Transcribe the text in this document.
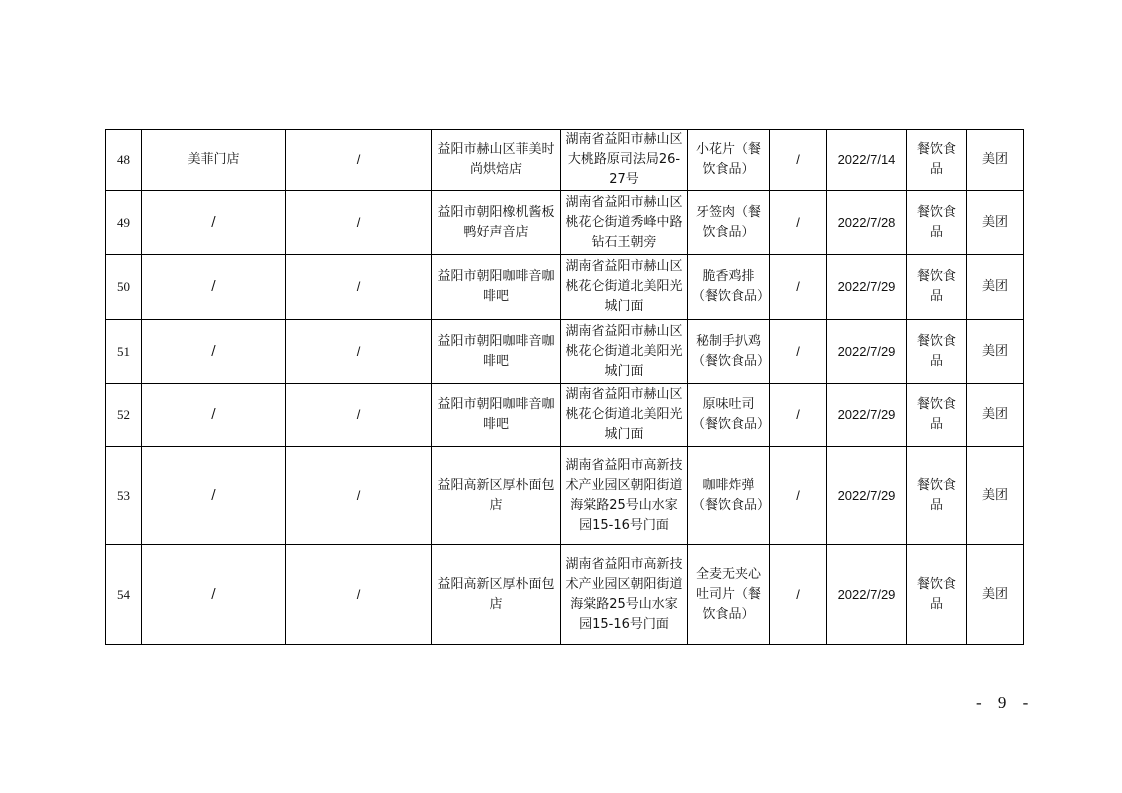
48	美菲门店	/	益阳市赫山区菲美时尚烘焙店	湖南省益阳市赫山区大桃路原司法局26-27号	小花片（餐饮食品）	/	2022/7/14	餐饮食品	美团
49	/	/	益阳市朝阳橡机酱板鸭好声音店	湖南省益阳市赫山区桃花仑街道秀峰中路钻石王朝旁	牙签肉（餐饮食品）	/	2022/7/28	餐饮食品	美团
50	/	/	益阳市朝阳咖啡音咖啡吧	湖南省益阳市赫山区桃花仑街道北美阳光城门面	脆香鸡排（餐饮食品）	/	2022/7/29	餐饮食品	美团
51	/	/	益阳市朝阳咖啡音咖啡吧	湖南省益阳市赫山区桃花仑街道北美阳光城门面	秘制手扒鸡（餐饮食品）	/	2022/7/29	餐饮食品	美团
52	/	/	益阳市朝阳咖啡音咖啡吧	湖南省益阳市赫山区桃花仑街道北美阳光城门面	原味吐司（餐饮食品）	/	2022/7/29	餐饮食品	美团
53	/	/	益阳高新区厚朴面包店	湖南省益阳市高新技术产业园区朝阳街道海棠路25号山水家园15-16号门面	咖啡炸弹（餐饮食品）	/	2022/7/29	餐饮食品	美团
54	/	/	益阳高新区厚朴面包店	湖南省益阳市高新技术产业园区朝阳街道海棠路25号山水家园15-16号门面	全麦无夹心吐司片（餐饮食品）	/	2022/7/29	餐饮食品	美团
- 9 -
